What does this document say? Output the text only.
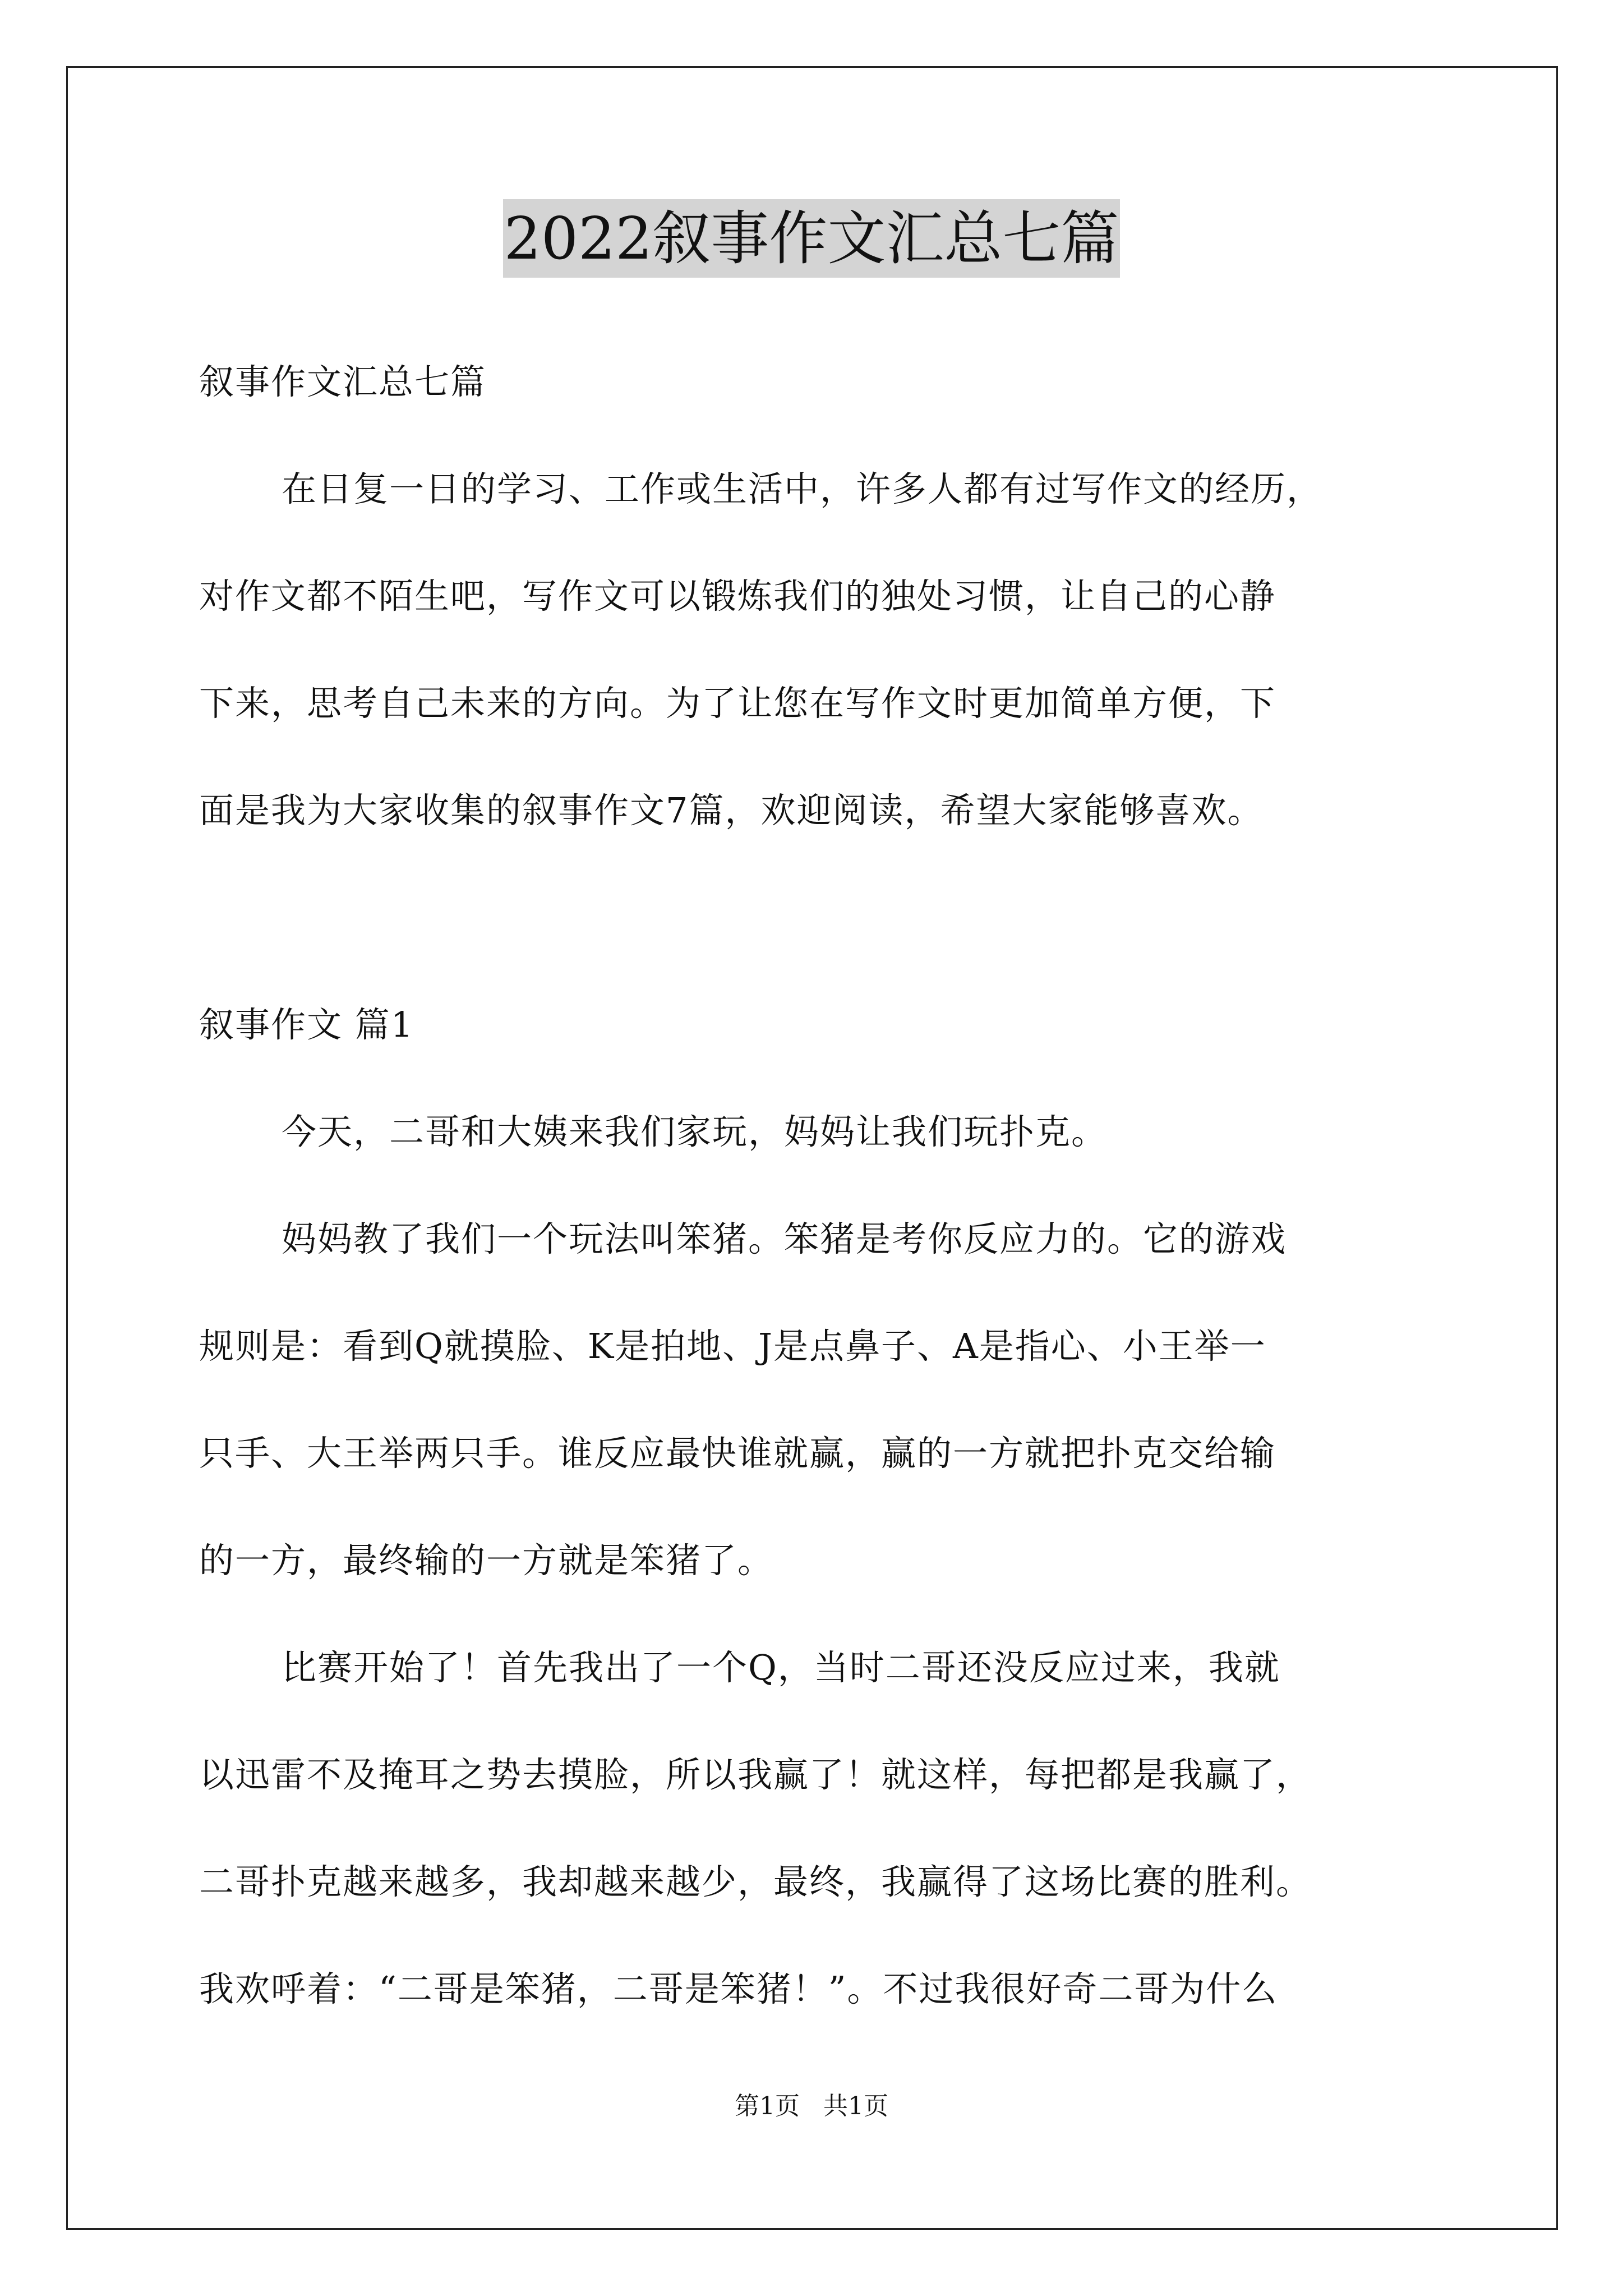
2022叙事作文汇总七篇
叙事作文汇总七篇
在日复一日的学习、工作或生活中，许多人都有过写作文的经历，
对作文都不陌生吧，写作文可以锻炼我们的独处习惯，让自己的心静
下来，思考自己未来的方向。为了让您在写作文时更加简单方便，下
面是我为大家收集的叙事作文7篇，欢迎阅读，希望大家能够喜欢。
叙事作文 篇1
今天，二哥和大姨来我们家玩，妈妈让我们玩扑克。
妈妈教了我们一个玩法叫笨猪。笨猪是考你反应力的。它的游戏
规则是：看到Q就摸脸、K是拍地、J是点鼻子、A是指心、小王举一
只手、大王举两只手。谁反应最快谁就赢，赢的一方就把扑克交给输
的一方，最终输的一方就是笨猪了。
比赛开始了！首先我出了一个Q，当时二哥还没反应过来，我就
以迅雷不及掩耳之势去摸脸，所以我赢了！就这样，每把都是我赢了，
二哥扑克越来越多，我却越来越少，最终，我赢得了这场比赛的胜利。
我欢呼着：“二哥是笨猪，二哥是笨猪！”。不过我很好奇二哥为什么
第1页 共1页
